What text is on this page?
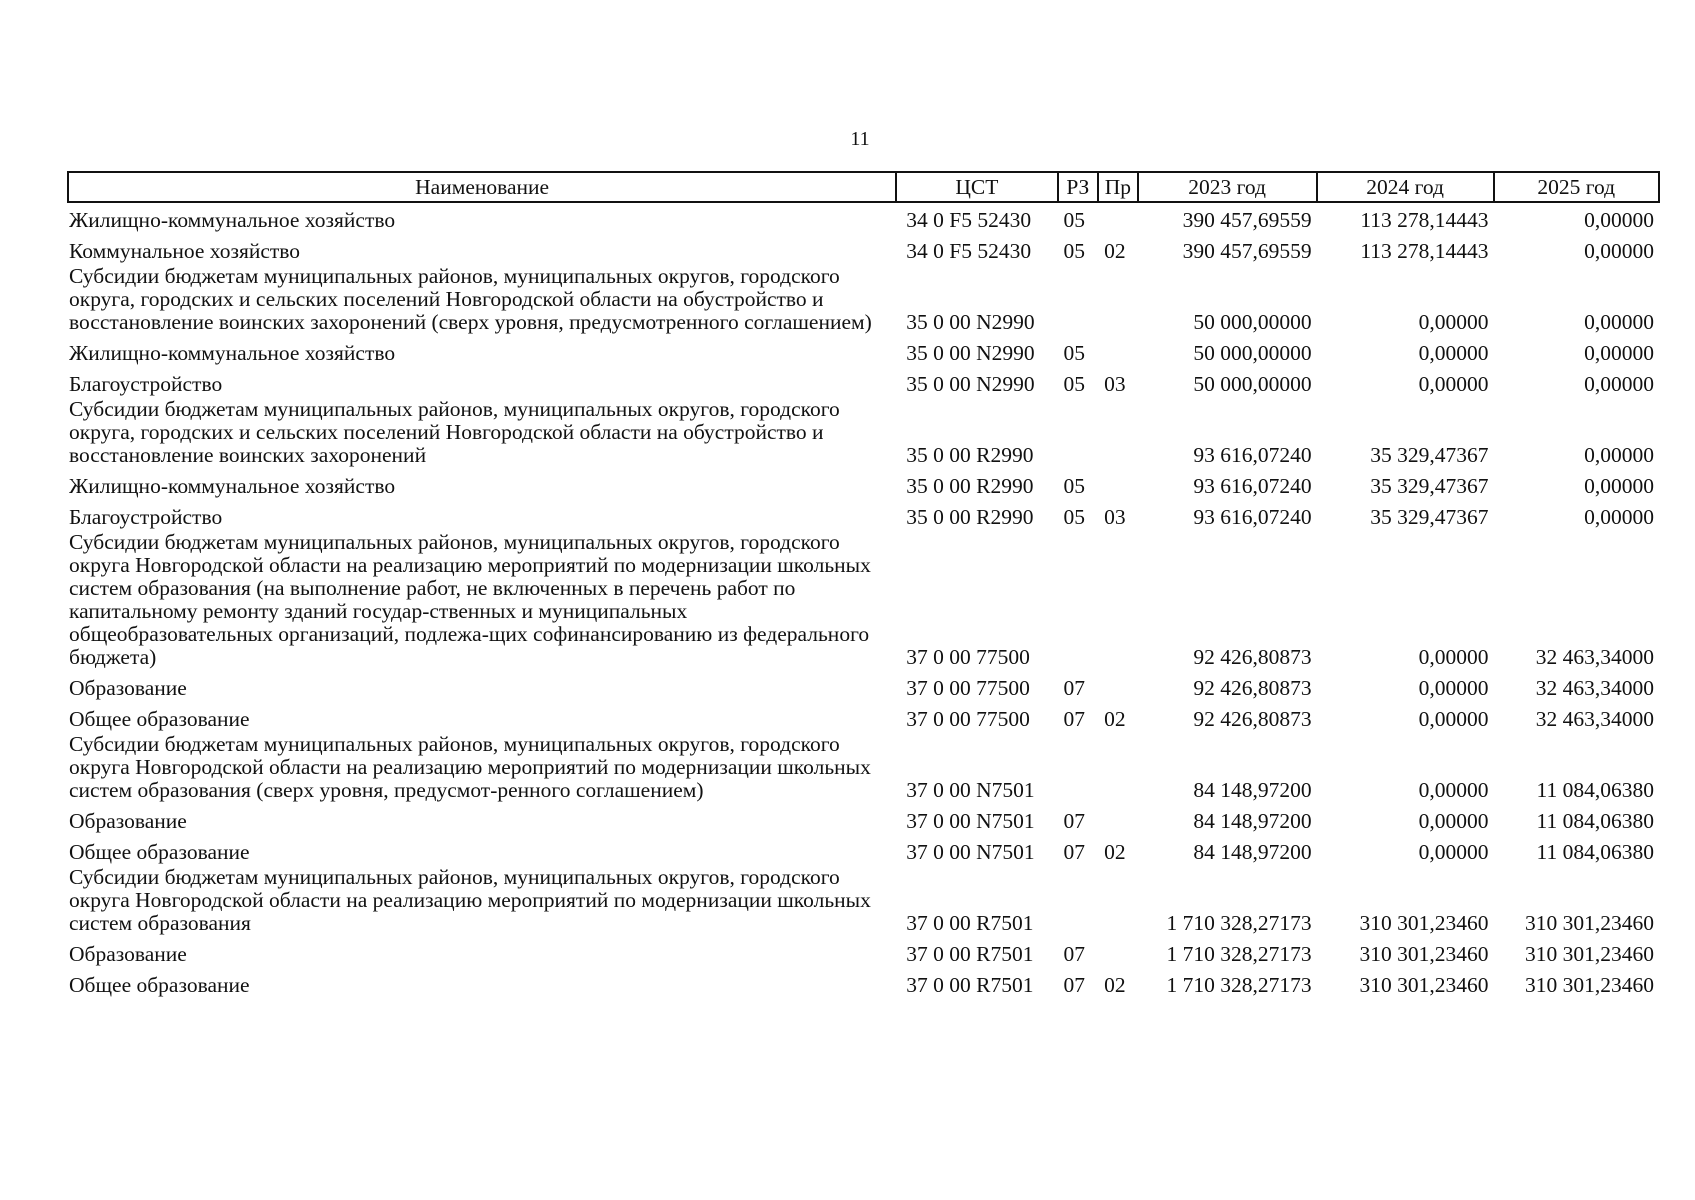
11
Наименование	ЦСТ	РЗ	Пр	2023 год	2024 год	2025 год
Жилищно-коммунальное хозяйство	34 0 F5 52430	05		390 457,69559	113 278,14443	0,00000
Коммунальное хозяйство	34 0 F5 52430	05	02	390 457,69559	113 278,14443	0,00000
Субсидии бюджетам муниципальных районов, муниципальных округов, городского округа, городских и сельских поселений Новгородской области на обустройство и восстановление воинских захоронений (сверх уровня, предусмотренного соглашением)	35 0 00 N2990			50 000,00000	0,00000	0,00000
Жилищно-коммунальное хозяйство	35 0 00 N2990	05		50 000,00000	0,00000	0,00000
Благоустройство	35 0 00 N2990	05	03	50 000,00000	0,00000	0,00000
Субсидии бюджетам муниципальных районов, муниципальных округов, городского округа, городских и сельских поселений Новгородской области на обустройство и восстановление воинских захоронений	35 0 00 R2990			93 616,07240	35 329,47367	0,00000
Жилищно-коммунальное хозяйство	35 0 00 R2990	05		93 616,07240	35 329,47367	0,00000
Благоустройство	35 0 00 R2990	05	03	93 616,07240	35 329,47367	0,00000
Субсидии бюджетам муниципальных районов, муниципальных округов, городского округа Новгородской области на реализацию мероприятий по модернизации школьных систем образования (на выполнение работ, не включенных в перечень работ по капитальному ремонту зданий государ-ственных и муниципальных общеобразовательных организаций, подлежа-щих софинансированию из федерального бюджета)	37 0 00 77500			92 426,80873	0,00000	32 463,34000
Образование	37 0 00 77500	07		92 426,80873	0,00000	32 463,34000
Общее образование	37 0 00 77500	07	02	92 426,80873	0,00000	32 463,34000
Субсидии бюджетам муниципальных районов, муниципальных округов, городского округа Новгородской области на реализацию мероприятий по модернизации школьных систем образования (сверх уровня, предусмот-ренного соглашением)	37 0 00 N7501			84 148,97200	0,00000	11 084,06380
Образование	37 0 00 N7501	07		84 148,97200	0,00000	11 084,06380
Общее образование	37 0 00 N7501	07	02	84 148,97200	0,00000	11 084,06380
Субсидии бюджетам муниципальных районов, муниципальных округов, городского округа Новгородской области на реализацию мероприятий по модернизации школьных систем образования	37 0 00 R7501			1 710 328,27173	310 301,23460	310 301,23460
Образование	37 0 00 R7501	07		1 710 328,27173	310 301,23460	310 301,23460
Общее образование	37 0 00 R7501	07	02	1 710 328,27173	310 301,23460	310 301,23460
